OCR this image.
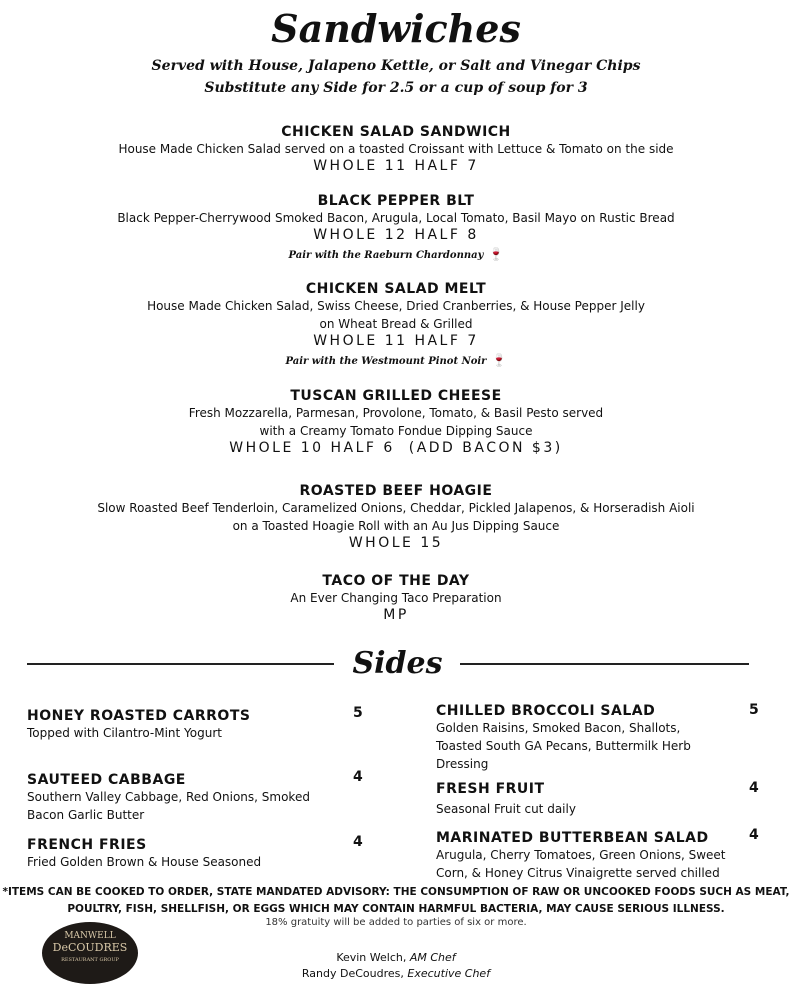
Sandwiches
Served with House, Jalapeno Kettle, or Salt and Vinegar Chips
Substitute any Side for 2.5 or a cup of soup for 3
CHICKEN SALAD SANDWICH
House Made Chicken Salad served on a toasted Croissant with Lettuce & Tomato on the side
WHOLE 11 HALF 7
BLACK PEPPER BLT
Black Pepper-Cherrywood Smoked Bacon, Arugula, Local Tomato, Basil Mayo on Rustic Bread
WHOLE 12 HALF 8
Pair with the Raeburn Chardonnay 🍷
CHICKEN SALAD MELT
House Made Chicken Salad, Swiss Cheese, Dried Cranberries, & House Pepper Jelly
on Wheat Bread & Grilled
WHOLE 11 HALF 7
Pair with the Westmount Pinot Noir 🍷
TUSCAN GRILLED CHEESE
Fresh Mozzarella, Parmesan, Provolone, Tomato, & Basil Pesto served
with a Creamy Tomato Fondue Dipping Sauce
WHOLE 10 HALF 6  (ADD BACON $3)
ROASTED BEEF HOAGIE
Slow Roasted Beef Tenderloin, Caramelized Onions, Cheddar, Pickled Jalapenos, & Horseradish Aioli
on a Toasted Hoagie Roll with an Au Jus Dipping Sauce
WHOLE 15
TACO OF THE DAY
An Ever Changing Taco Preparation
MP
Sides
HONEY ROASTED CARROTS	5
Topped with Cilantro-Mint Yogurt
SAUTEED CABBAGE	4
Southern Valley Cabbage, Red Onions, Smoked
Bacon Garlic Butter
FRENCH FRIES	4
Fried Golden Brown & House Seasoned
CHILLED BROCCOLI SALAD	5
Golden Raisins, Smoked Bacon, Shallots,
Toasted South GA Pecans, Buttermilk Herb
Dressing
FRESH FRUIT	4
Seasonal Fruit cut daily
MARINATED BUTTERBEAN SALAD	4
Arugula, Cherry Tomatoes, Green Onions, Sweet
Corn, & Honey Citrus Vinaigrette served chilled
*ITEMS CAN BE COOKED TO ORDER, STATE MANDATED ADVISORY: THE CONSUMPTION OF RAW OR UNCOOKED FOODS SUCH AS MEAT,
POULTRY, FISH, SHELLFISH, OR EGGS WHICH MAY CONTAIN HARMFUL BACTERIA, MAY CAUSE SERIOUS ILLNESS.
18% gratuity will be added to parties of six or more.
MANWELL
DeCOUDRES
RESTAURANT GROUP	Kevin Welch, AM Chef
Randy DeCoudres, Executive Chef
